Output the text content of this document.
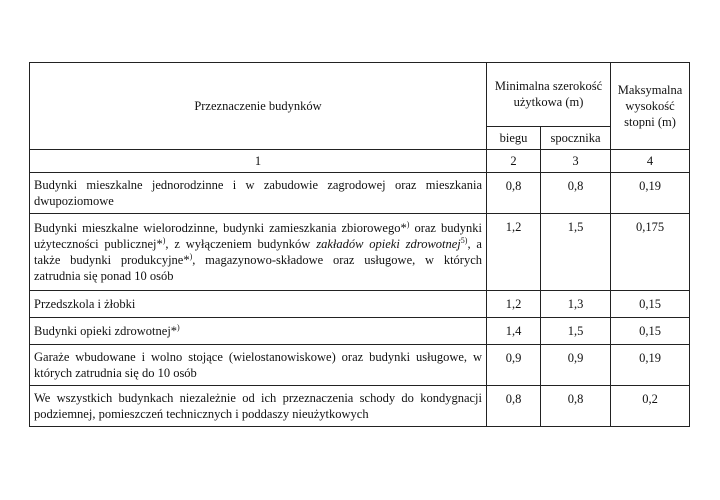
Przeznaczenie budynków	Minimalna szerokość użytkowa (m)		Maksymalna wysokość stopni (m)
	biegu	spocznika	
1	2	3	4
Budynki mieszkalne jednorodzinne i w zabudowie zagrodowej oraz mieszkania dwupoziomowe	0,8	0,8	0,19
Budynki mieszkalne wielorodzinne, budynki zamieszkania zbiorowego*) oraz budynki użyteczności publicznej*), z wyłączeniem budynków zakładów opieki zdrowotnej$^{5)}$, a także budynki produkcyjne*), magazynowo-składowe oraz usługowe, w których zatrudnia się ponad 10 osób	1,2	1,5	0,175
Przedszkola i żłobki	1,2	1,3	0,15
Budynki opieki zdrowotnej*)	1,4	1,5	0,15
Garaże wbudowane i wolno stojące (wielostanowiskowe) oraz budynki usługowe, w których zatrudnia się do 10 osób	0,9	0,9	0,19
We wszystkich budynkach niezależnie od ich przeznaczenia schody do kondygnacji podziemnej, pomieszczeń technicznych i poddaszy nieużytkowych	0,8	0,8	0,2
